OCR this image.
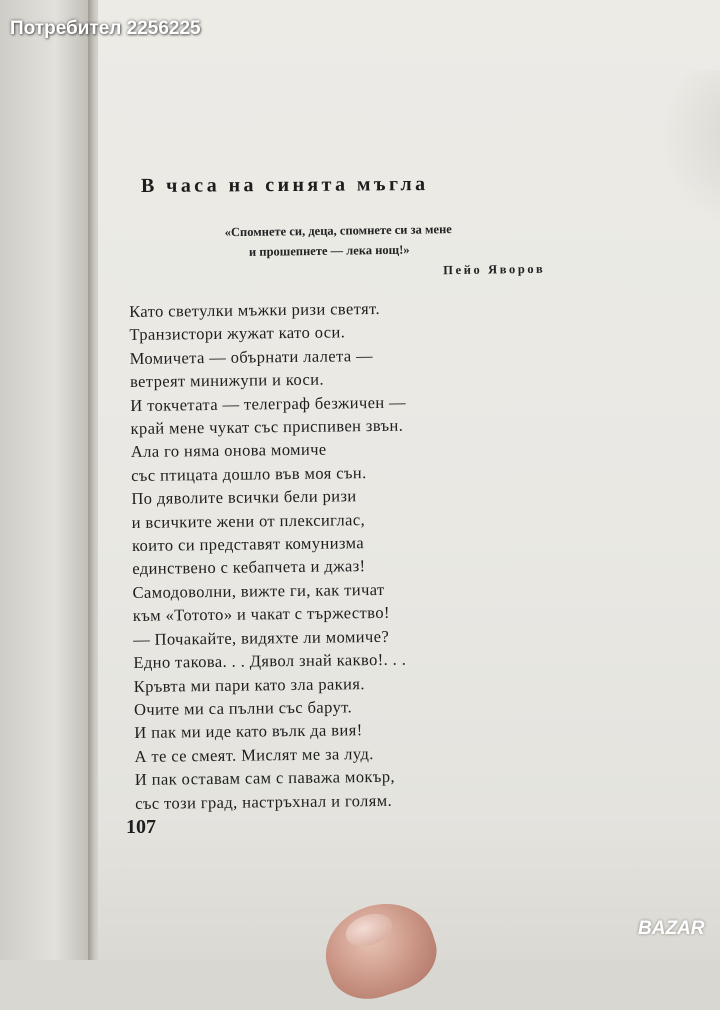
Потребител 2256225
В часа на синята мъгла
«Спомнете си, деца, спомнете си за мене
и прошепнете — лека нощ!»
Пейо Яворов
Като светулки мъжки ризи светят.
Транзистори жужат като оси.
Момичета — обърнати лалета —
ветреят минижупи и коси.
И токчетата — телеграф безжичен —
край мене чукат със приспивен звън.
Ала го няма онова момиче
със птицата дошло във моя сън.
По дяволите всички бели ризи
и всичките жени от плексиглас,
които си представят комунизма
единствено с кебапчета и джаз!
Самодоволни, вижте ги, как тичат
към «Тотото» и чакат с тържество!
— Почакайте, видяхте ли момиче?
Едно такова. . . Дявол знай какво!. . .
Кръвта ми пари като зла ракия.
Очите ми са пълни със барут.
И пак ми иде като вълк да вия!
А те се смеят. Мислят ме за луд.
И пак оставам сам с паважа мокър,
със този град, настръхнал и голям.
107
BAZAR
